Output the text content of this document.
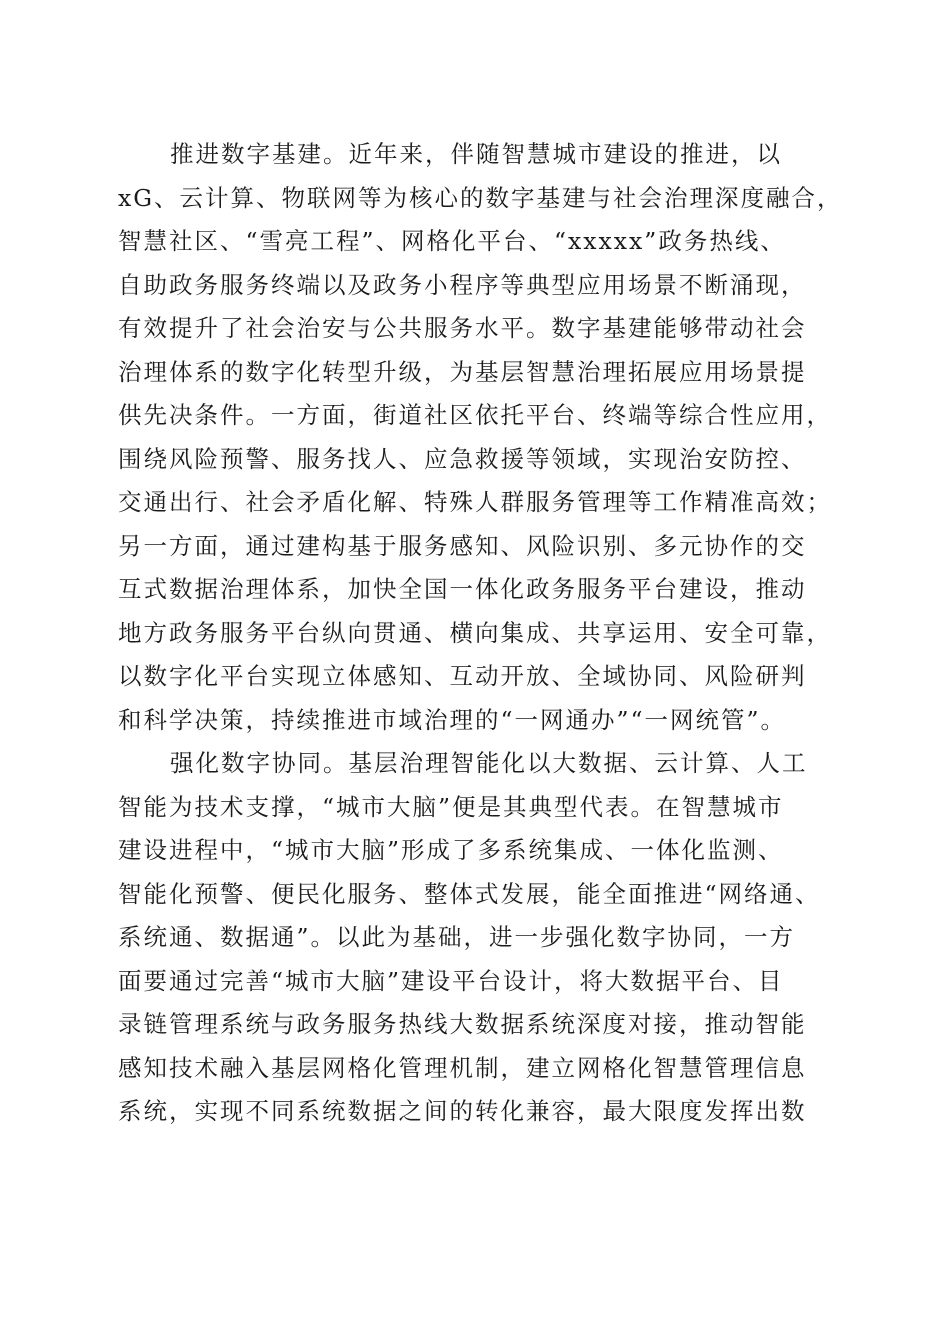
推进数字基建。近年来，伴随智慧城市建设的推进，以
xG、云计算、物联网等为核心的数字基建与社会治理深度融合，
智慧社区、“雪亮工程”、网格化平台、“xxxxx”政务热线、
自助政务服务终端以及政务小程序等典型应用场景不断涌现，
有效提升了社会治安与公共服务水平。数字基建能够带动社会
治理体系的数字化转型升级，为基层智慧治理拓展应用场景提
供先决条件。一方面，街道社区依托平台、终端等综合性应用，
围绕风险预警、服务找人、应急救援等领域，实现治安防控、
交通出行、社会矛盾化解、特殊人群服务管理等工作精准高效；
另一方面，通过建构基于服务感知、风险识别、多元协作的交
互式数据治理体系，加快全国一体化政务服务平台建设，推动
地方政务服务平台纵向贯通、横向集成、共享运用、安全可靠，
以数字化平台实现立体感知、互动开放、全域协同、风险研判
和科学决策，持续推进市域治理的“一网通办”“一网统管”。
强化数字协同。基层治理智能化以大数据、云计算、人工
智能为技术支撑，“城市大脑”便是其典型代表。在智慧城市
建设进程中，“城市大脑”形成了多系统集成、一体化监测、
智能化预警、便民化服务、整体式发展，能全面推进“网络通、
系统通、数据通”。以此为基础，进一步强化数字协同，一方
面要通过完善“城市大脑”建设平台设计，将大数据平台、目
录链管理系统与政务服务热线大数据系统深度对接，推动智能
感知技术融入基层网格化管理机制，建立网格化智慧管理信息
系统，实现不同系统数据之间的转化兼容，最大限度发挥出数
